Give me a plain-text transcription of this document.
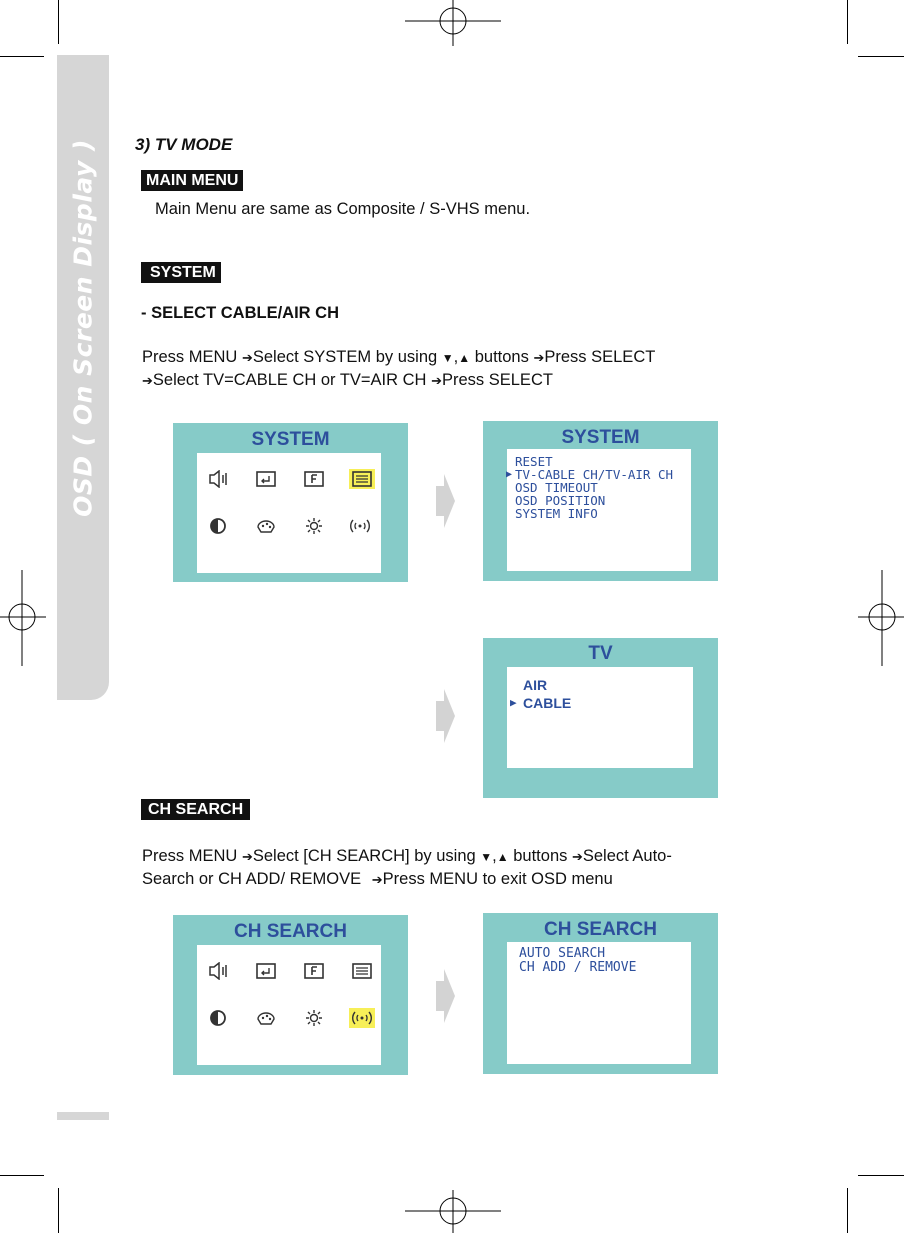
OSD ( On Screen Display ) 3) TV MODE
MAIN MENU
Main Menu are same as Composite / S-VHS menu.
SYSTEM
- SELECT CABLE/AIR CH
Press MENU ➔Select SYSTEM by using ▼,▲ buttons ➔Press SELECT
➔Select TV=CABLE CH or TV=AIR CH ➔Press SELECT
SYSTEM	SYSTEM
RESET
▶ TV-CABLE CH/TV-AIR CH
OSD TIMEOUT
OSD POSITION
SYSTEM INFO
TV
AIR
▶ CABLE
CH SEARCH
Press MENU ➔Select [CH SEARCH] by using ▼,▲ buttons ➔Select Auto-
Search or CH ADD/ REMOVE ➔Press MENU to exit OSD menu
CH SEARCH	CH SEARCH
AUTO SEARCH
CH ADD / REMOVE
